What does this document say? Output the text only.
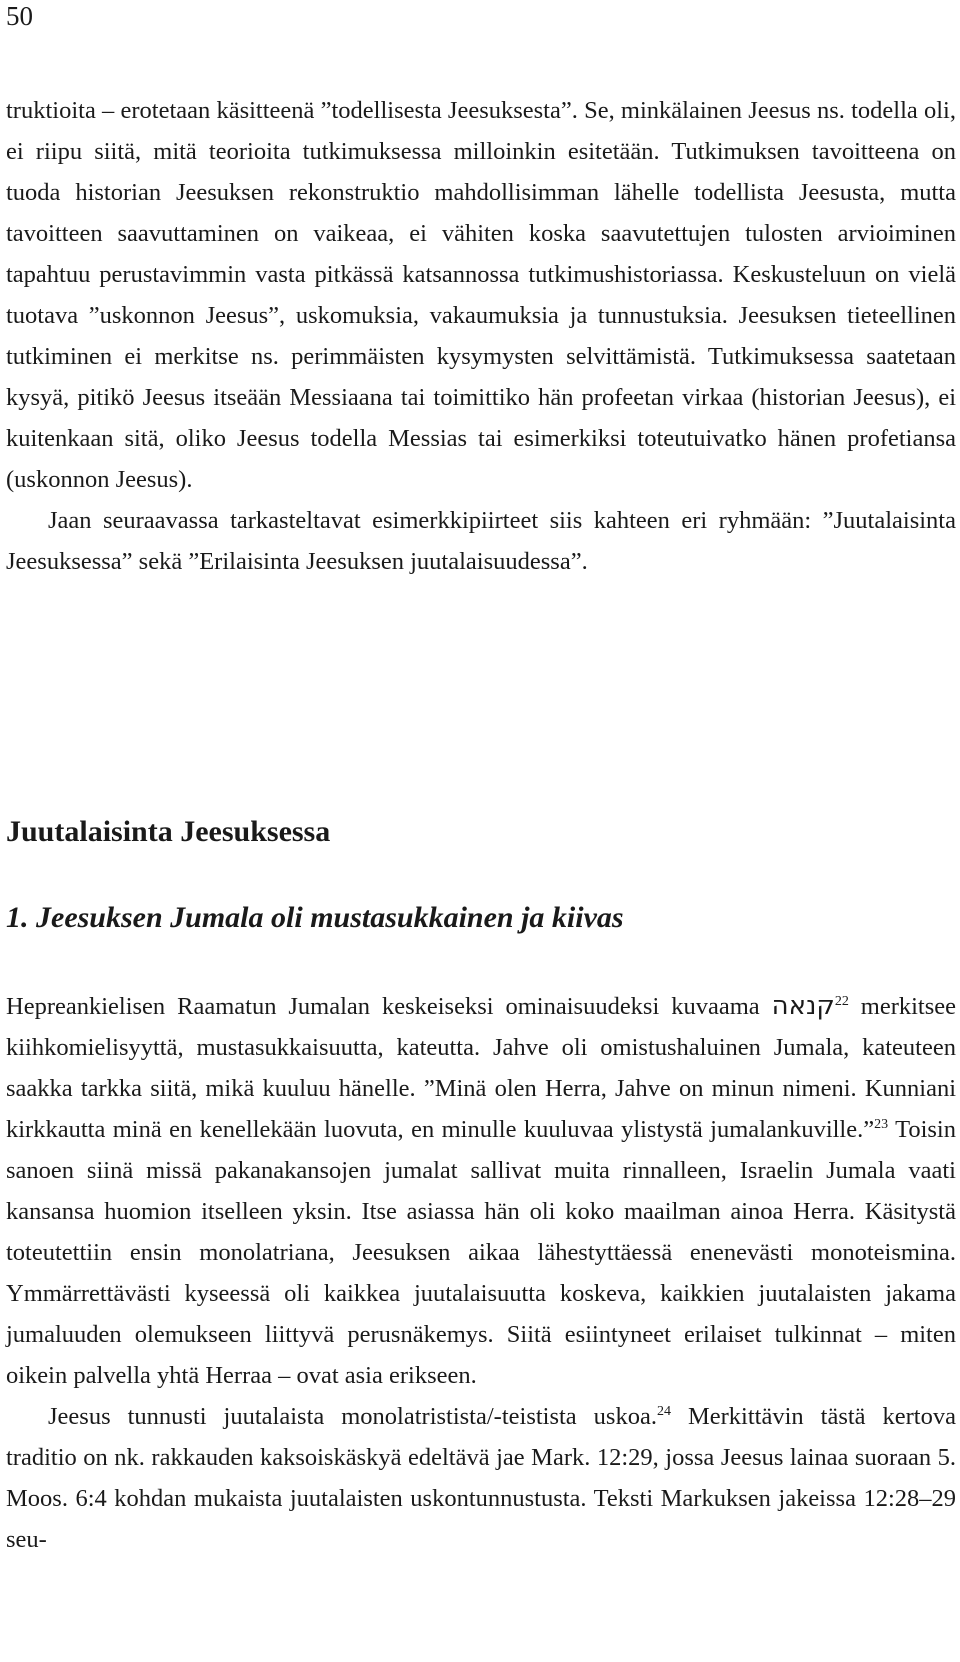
50

truktioita – erotetaan käsitteenä ”todellisesta Jeesuksesta”. Se, minkälainen Jeesus ns. todella oli, ei riipu siitä, mitä teorioita tutkimuksessa milloinkin esitetään. Tutkimuksen tavoitteena on tuoda historian Jeesuksen rekonstruktio mahdollisimman lähelle todellista Jeesusta, mutta tavoitteen saavuttaminen on vaikeaa, ei vähiten koska saavutettujen tulosten arvioiminen tapahtuu perustavimmin vasta pitkässä katsannossa tutkimushistoriassa. Keskusteluun on vielä tuotava ”uskonnon Jeesus”, uskomuksia, vakaumuksia ja tunnustuksia. Jeesuksen tieteellinen tutkiminen ei merkitse ns. perimmäisten kysymysten selvittämistä. Tutkimuksessa saatetaan kysyä, pitikö Jeesus itseään Messiaana tai toimittiko hän profeetan virkaa (historian Jeesus), ei kuitenkaan sitä, oliko Jeesus todella Messias tai esimerkiksi toteutuivatko hänen profetiansa (uskonnon Jeesus).

Jaan seuraavassa tarkasteltavat esimerkkipiirteet siis kahteen eri ryhmään: ”Juutalaisinta Jeesuksessa” sekä ”Erilaisinta Jeesuksen juutalaisuudessa”.

Juutalaisinta Jeesuksessa
1. Jeesuksen Jumala oli mustasukkainen ja kiivas

Hepreankielisen Raamatun Jumalan keskeiseksi ominaisuudeksi kuvaama קנאה$^{22}$ merkitsee kiihkomielisyyttä, mustasukkaisuutta, kateutta. Jahve oli omistushaluinen Jumala, kateuteen saakka tarkka siitä, mikä kuuluu hänelle. ”Minä olen Herra, Jahve on minun nimeni. Kunniani kirkkautta minä en kenellekään luovuta, en minulle kuuluvaa ylistystä jumalankuville.”$^{23}$ Toisin sanoen siinä missä pakanakansojen jumalat sallivat muita rinnalleen, Israelin Jumala vaati kansansa huomion itselleen yksin. Itse asiassa hän oli koko maailman ainoa Herra. Käsitystä toteutettiin ensin monolatriana, Jeesuksen aikaa lähestyttäessä enenevästi monoteismina. Ymmärrettävästi kyseessä oli kaikkea juutalaisuutta koskeva, kaikkien juutalaisten jakama jumaluuden olemukseen liittyvä perusnäkemys. Siitä esiintyneet erilaiset tulkinnat – miten oikein palvella yhtä Herraa – ovat asia erikseen.

Jeesus tunnusti juutalaista monolatristista/-teistista uskoa.$^{24}$ Merkittävin tästä kertova traditio on nk. rakkauden kaksoiskäskyä edeltävä jae Mark. 12:29, jossa Jeesus lainaa suoraan 5. Moos. 6:4 kohdan mukaista juutalaisten uskontunnustusta. Teksti Markuksen jakeissa 12:28–29 seu-
